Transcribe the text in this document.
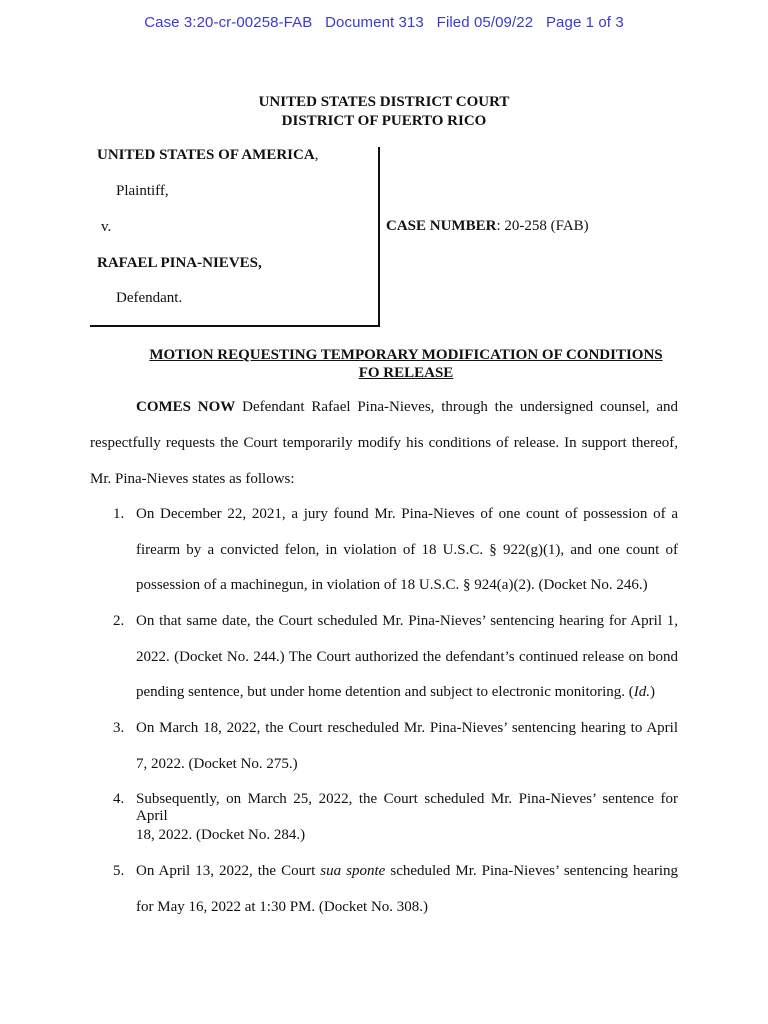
Case 3:20-cr-00258-FAB   Document 313   Filed 05/09/22   Page 1 of 3
UNITED STATES DISTRICT COURT
DISTRICT OF PUERTO RICO
UNITED STATES OF AMERICA,
Plaintiff,
v.
RAFAEL PINA-NIEVES,
Defendant.
CASE NUMBER: 20-258 (FAB)
MOTION REQUESTING TEMPORARY MODIFICATION OF CONDITIONS
FO RELEASE
COMES NOW Defendant Rafael Pina-Nieves, through the undersigned counsel, and
respectfully requests the Court temporarily modify his conditions of release. In support thereof,
Mr. Pina-Nieves states as follows:
1. On December 22, 2021, a jury found Mr. Pina-Nieves of one count of possession of a
firearm by a convicted felon, in violation of 18 U.S.C. § 922(g)(1), and one count of
possession of a machinegun, in violation of 18 U.S.C. § 924(a)(2). (Docket No. 246.)
2. On that same date, the Court scheduled Mr. Pina-Nieves’ sentencing hearing for April 1,
2022. (Docket No. 244.) The Court authorized the defendant’s continued release on bond
pending sentence, but under home detention and subject to electronic monitoring. (Id.)
3. On March 18, 2022, the Court rescheduled Mr. Pina-Nieves’ sentencing hearing to April
7, 2022. (Docket No. 275.)
4. Subsequently, on March 25, 2022, the Court scheduled Mr. Pina-Nieves’ sentence for April
18, 2022. (Docket No. 284.)
5. On April 13, 2022, the Court sua sponte scheduled Mr. Pina-Nieves’ sentencing hearing
for May 16, 2022 at 1:30 PM. (Docket No. 308.)
